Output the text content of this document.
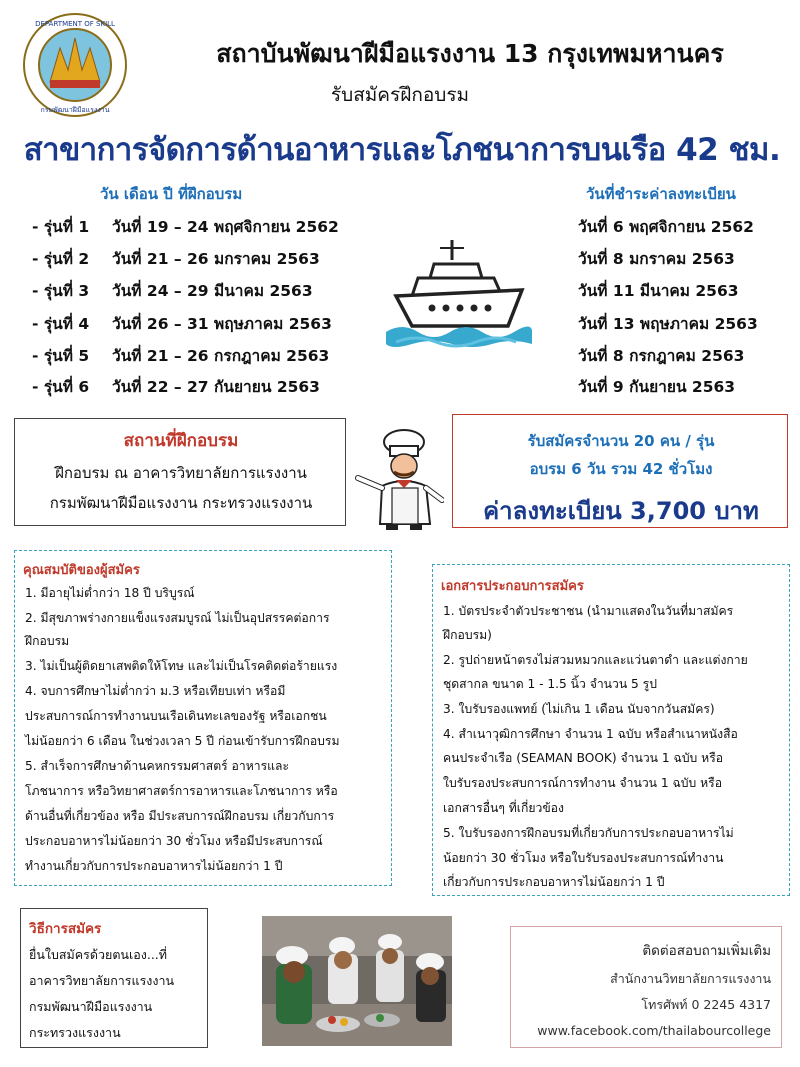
DEPARTMENT OF SKILL
กรมพัฒนาฝีมือแรงงาน
สถาบันพัฒนาฝีมือแรงงาน 13 กรุงเทพมหานคร
รับสมัครฝึกอบรม
สาขาการจัดการด้านอาหารและโภชนาการบนเรือ 42 ชม.
วัน เดือน ปี ที่ฝึกอบรม	วันที่ชำระค่าลงทะเบียน
- รุ่นที่ 1 วันที่ 19 – 24 พฤศจิกายน 2562	วันที่ 6 พฤศจิกายน 2562
- รุ่นที่ 2 วันที่ 21 – 26 มกราคม 2563	วันที่ 8 มกราคม 2563
- รุ่นที่ 3 วันที่ 24 – 29 มีนาคม 2563	วันที่ 11 มีนาคม 2563
- รุ่นที่ 4 วันที่ 26 – 31 พฤษภาคม 2563	วันที่ 13 พฤษภาคม 2563
- รุ่นที่ 5 วันที่ 21 – 26 กรกฎาคม 2563	วันที่ 8 กรกฎาคม 2563
- รุ่นที่ 6 วันที่ 22 – 27 กันยายน 2563	วันที่ 9 กันยายน 2563
สถานที่ฝึกอบรม
ฝึกอบรม ณ อาคารวิทยาลัยการแรงงาน
กรมพัฒนาฝีมือแรงงาน กระทรวงแรงงาน
รับสมัครจำนวน 20 คน / รุ่น
อบรม 6 วัน รวม 42 ชั่วโมง
ค่าลงทะเบียน 3,700 บาท
คุณสมบัติของผู้สมัคร
1. มีอายุไม่ต่ำกว่า 18 ปี บริบูรณ์
2. มีสุขภาพร่างกายแข็งแรงสมบูรณ์ ไม่เป็นอุปสรรคต่อการ
ฝึกอบรม
3. ไม่เป็นผู้ติดยาเสพติดให้โทษ และไม่เป็นโรคติดต่อร้ายแรง
4. จบการศึกษาไม่ต่ำกว่า ม.3 หรือเทียบเท่า หรือมี
ประสบการณ์การทำงานบนเรือเดินทะเลของรัฐ หรือเอกชน
ไม่น้อยกว่า 6 เดือน ในช่วงเวลา 5 ปี ก่อนเข้ารับการฝึกอบรม
5. สำเร็จการศึกษาด้านคหกรรมศาสตร์ อาหารและ
โภชนาการ หรือวิทยาศาสตร์การอาหารและโภชนาการ หรือ
ด้านอื่นที่เกี่ยวข้อง หรือ มีประสบการณ์ฝึกอบรม เกี่ยวกับการ
ประกอบอาหารไม่น้อยกว่า 30 ชั่วโมง หรือมีประสบการณ์
ทำงานเกี่ยวกับการประกอบอาหารไม่น้อยกว่า 1 ปี
เอกสารประกอบการสมัคร
1. บัตรประจำตัวประชาชน (นำมาแสดงในวันที่มาสมัคร
ฝึกอบรม)
2. รูปถ่ายหน้าตรงไม่สวมหมวกและแว่นตาดำ และแต่งกาย
ชุดสากล ขนาด 1 - 1.5 นิ้ว จำนวน 5 รูป
3. ใบรับรองแพทย์ (ไม่เกิน 1 เดือน นับจากวันสมัคร)
4. สำเนาวุฒิการศึกษา จำนวน 1 ฉบับ หรือสำเนาหนังสือ
คนประจำเรือ (SEAMAN BOOK) จำนวน 1 ฉบับ หรือ
ใบรับรองประสบการณ์การทำงาน จำนวน 1 ฉบับ หรือ
เอกสารอื่นๆ ที่เกี่ยวข้อง
5. ใบรับรองการฝึกอบรมที่เกี่ยวกับการประกอบอาหารไม่
น้อยกว่า 30 ชั่วโมง หรือใบรับรองประสบการณ์ทำงาน
เกี่ยวกับการประกอบอาหารไม่น้อยกว่า 1 ปี
วิธีการสมัคร
ยื่นใบสมัครด้วยตนเอง...ที่
อาคารวิทยาลัยการแรงงาน
กรมพัฒนาฝีมือแรงงาน
กระทรวงแรงงาน
ติดต่อสอบถามเพิ่มเติม
สำนักงานวิทยาลัยการแรงงาน
โทรศัพท์ 0 2245 4317
www.facebook.com/thailabourcollege
